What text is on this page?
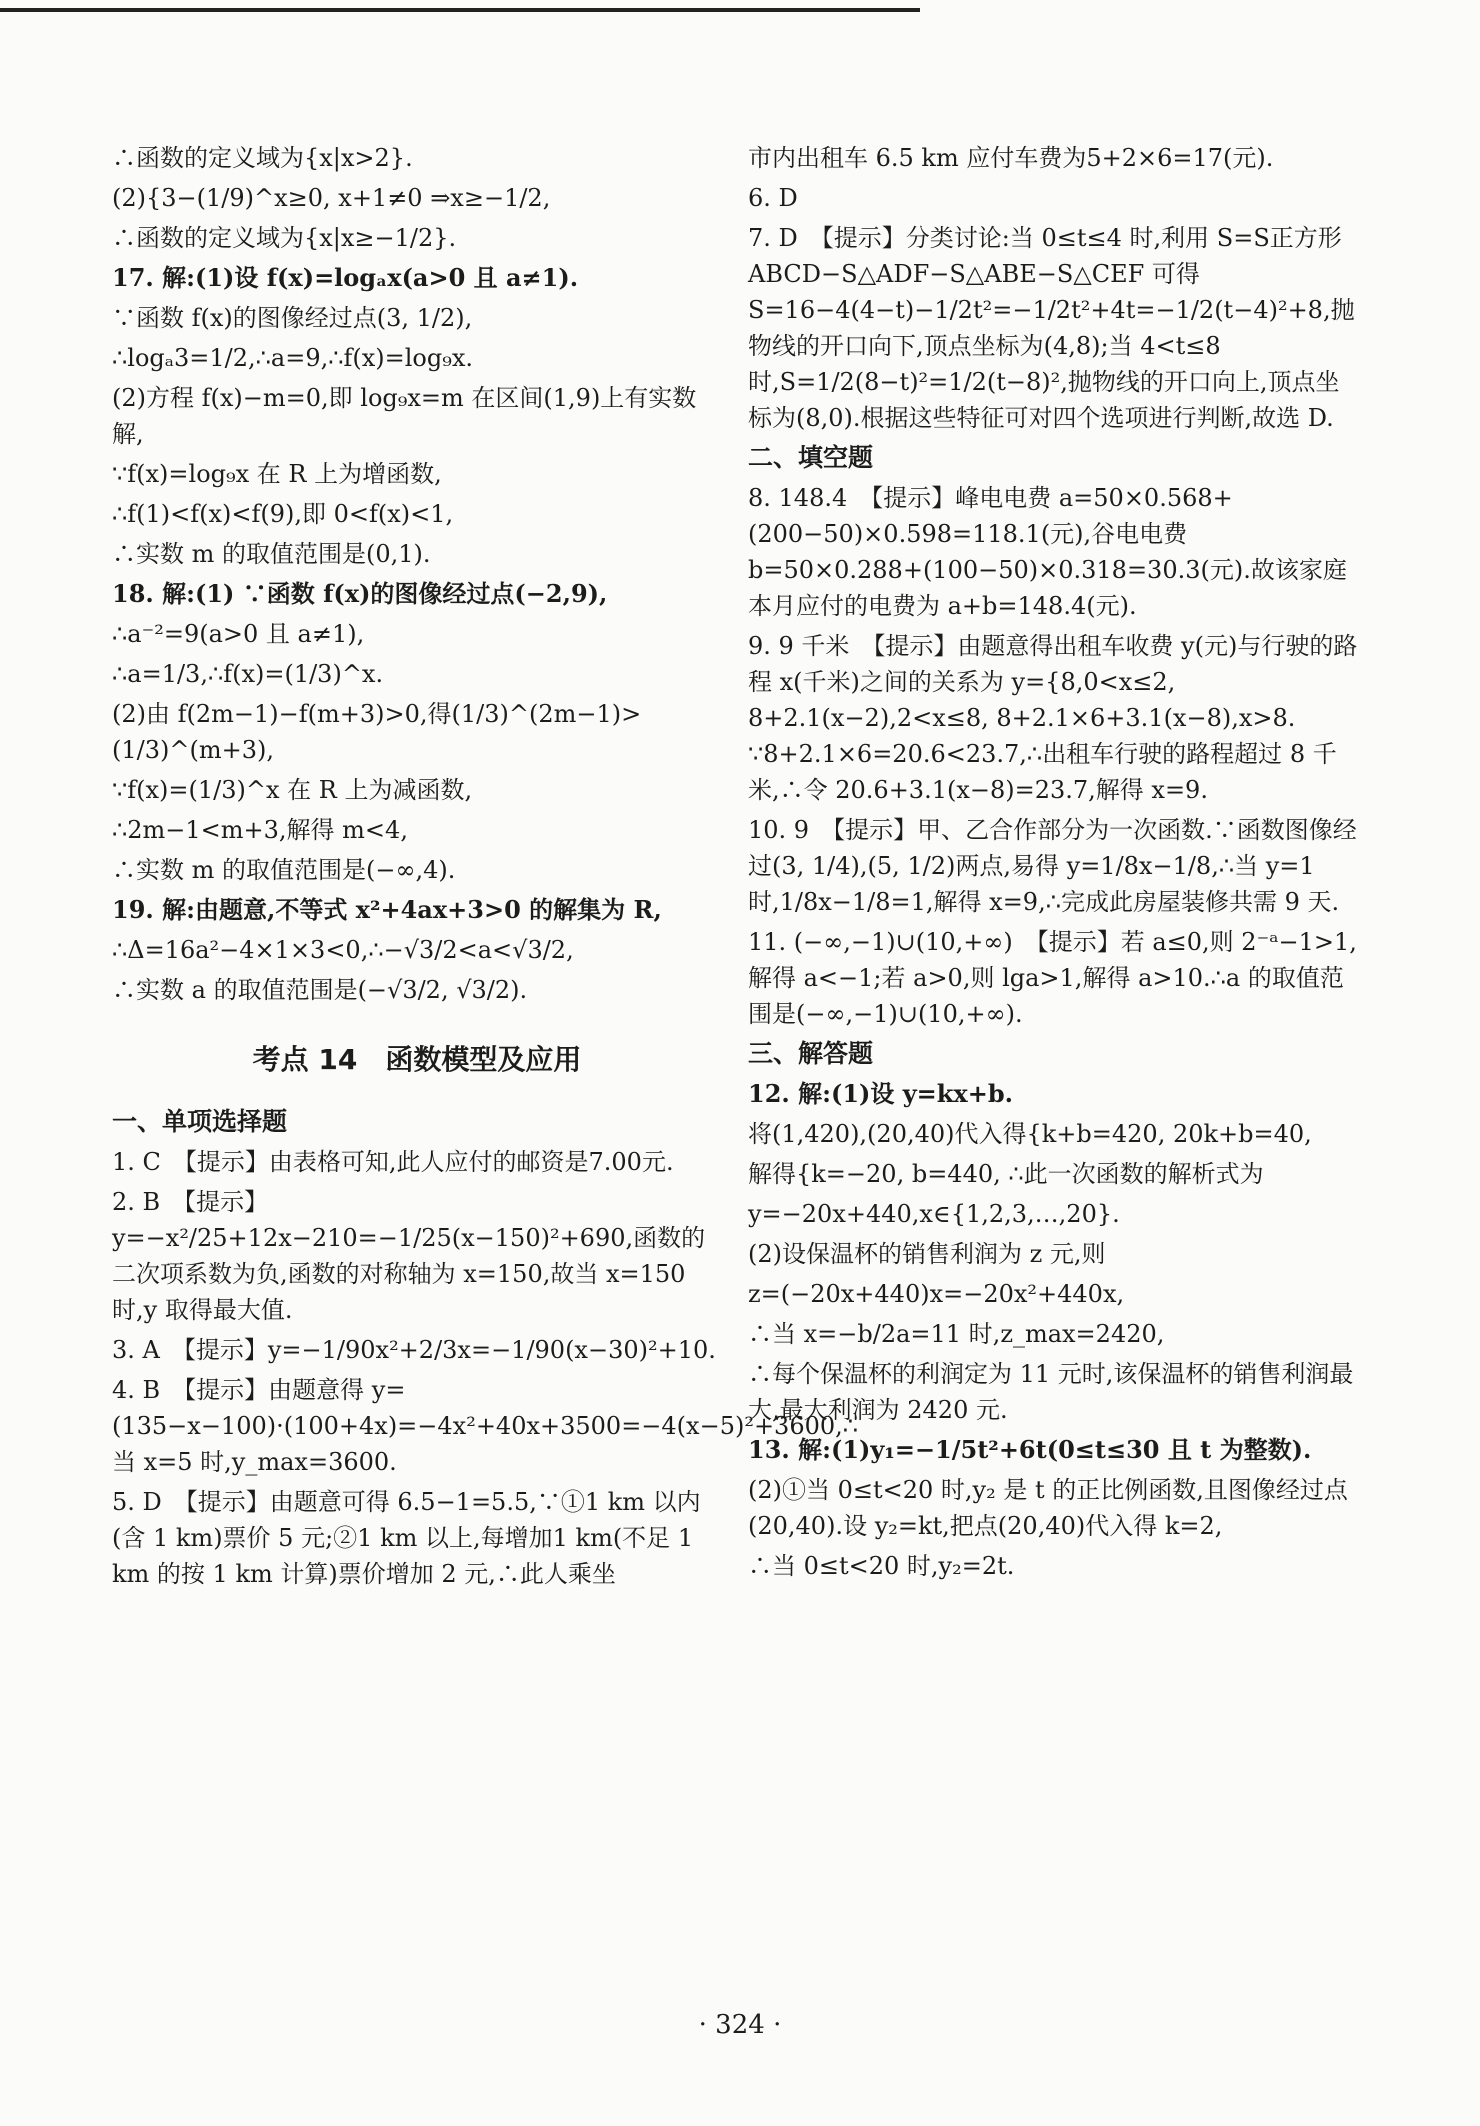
∴函数的定义域为{x|x>2}.

(2){3−(1/9)^x≥0, x+1≠0 ⇒x≥−1/2,

∴函数的定义域为{x|x≥−1/2}.

17. 解:(1)设 f(x)=logₐx(a>0 且 a≠1).

∵函数 f(x)的图像经过点(3, 1/2),

∴logₐ3=1/2,∴a=9,∴f(x)=log₉x.

(2)方程 f(x)−m=0,即 log₉x=m 在区间(1,9)上有实数解,

∵f(x)=log₉x 在 R 上为增函数,

∴f(1)<f(x)<f(9),即 0<f(x)<1,

∴实数 m 的取值范围是(0,1).

18. 解:(1) ∵函数 f(x)的图像经过点(−2,9),

∴a⁻²=9(a>0 且 a≠1),

∴a=1/3,∴f(x)=(1/3)^x.

(2)由 f(2m−1)−f(m+3)>0,得(1/3)^(2m−1)>(1/3)^(m+3),

∵f(x)=(1/3)^x 在 R 上为减函数,

∴2m−1<m+3,解得 m<4,

∴实数 m 的取值范围是(−∞,4).

19. 解:由题意,不等式 x²+4ax+3>0 的解集为 R,

∴Δ=16a²−4×1×3<0,∴−√3/2<a<√3/2,

∴实数 a 的取值范围是(−√3/2, √3/2).

考点 14　函数模型及应用
一、单项选择题

1. C　【提示】由表格可知,此人应付的邮资是7.00元.

2. B　【提示】y=−x²/25+12x−210=−1/25(x−150)²+690,函数的二次项系数为负,函数的对称轴为 x=150,故当 x=150 时,y 取得最大值.

3. A　【提示】y=−1/90x²+2/3x=−1/90(x−30)²+10.

4. B　【提示】由题意得 y=(135−x−100)·(100+4x)=−4x²+40x+3500=−4(x−5)²+3600,∴当 x=5 时,y_max=3600.

5. D　【提示】由题意可得 6.5−1=5.5,∵①1 km 以内(含 1 km)票价 5 元;②1 km 以上,每增加1 km(不足 1 km 的按 1 km 计算)票价增加 2 元,∴此人乘坐

市内出租车 6.5 km 应付车费为5+2×6=17(元).

6. D

7. D　【提示】分类讨论:当 0≤t≤4 时,利用 S=S正方形ABCD−S△ADF−S△ABE−S△CEF 可得 S=16−4(4−t)−1/2t²=−1/2t²+4t=−1/2(t−4)²+8,抛物线的开口向下,顶点坐标为(4,8);当 4<t≤8 时,S=1/2(8−t)²=1/2(t−8)²,抛物线的开口向上,顶点坐标为(8,0).根据这些特征可对四个选项进行判断,故选 D.

二、填空题

8. 148.4　【提示】峰电电费 a=50×0.568+(200−50)×0.598=118.1(元),谷电电费 b=50×0.288+(100−50)×0.318=30.3(元).故该家庭本月应付的电费为 a+b=148.4(元).

9. 9 千米　【提示】由题意得出租车收费 y(元)与行驶的路程 x(千米)之间的关系为 y={8,0<x≤2, 8+2.1(x−2),2<x≤8, 8+2.1×6+3.1(x−8),x>8. ∵8+2.1×6=20.6<23.7,∴出租车行驶的路程超过 8 千米,∴令 20.6+3.1(x−8)=23.7,解得 x=9.

10. 9　【提示】甲、乙合作部分为一次函数.∵函数图像经过(3, 1/4),(5, 1/2)两点,易得 y=1/8x−1/8,∴当 y=1 时,1/8x−1/8=1,解得 x=9,∴完成此房屋装修共需 9 天.

11. (−∞,−1)∪(10,+∞)　【提示】若 a≤0,则 2⁻ᵃ−1>1,解得 a<−1;若 a>0,则 lga>1,解得 a>10.∴a 的取值范围是(−∞,−1)∪(10,+∞).

三、解答题

12. 解:(1)设 y=kx+b.

将(1,420),(20,40)代入得{k+b=420, 20k+b=40,

解得{k=−20, b=440, ∴此一次函数的解析式为

y=−20x+440,x∈{1,2,3,…,20}.

(2)设保温杯的销售利润为 z 元,则

z=(−20x+440)x=−20x²+440x,

∴当 x=−b/2a=11 时,z_max=2420,

∴每个保温杯的利润定为 11 元时,该保温杯的销售利润最大,最大利润为 2420 元.

13. 解:(1)y₁=−1/5t²+6t(0≤t≤30 且 t 为整数).

(2)①当 0≤t<20 时,y₂ 是 t 的正比例函数,且图像经过点(20,40).设 y₂=kt,把点(20,40)代入得 k=2,

∴当 0≤t<20 时,y₂=2t.

· 324 ·
